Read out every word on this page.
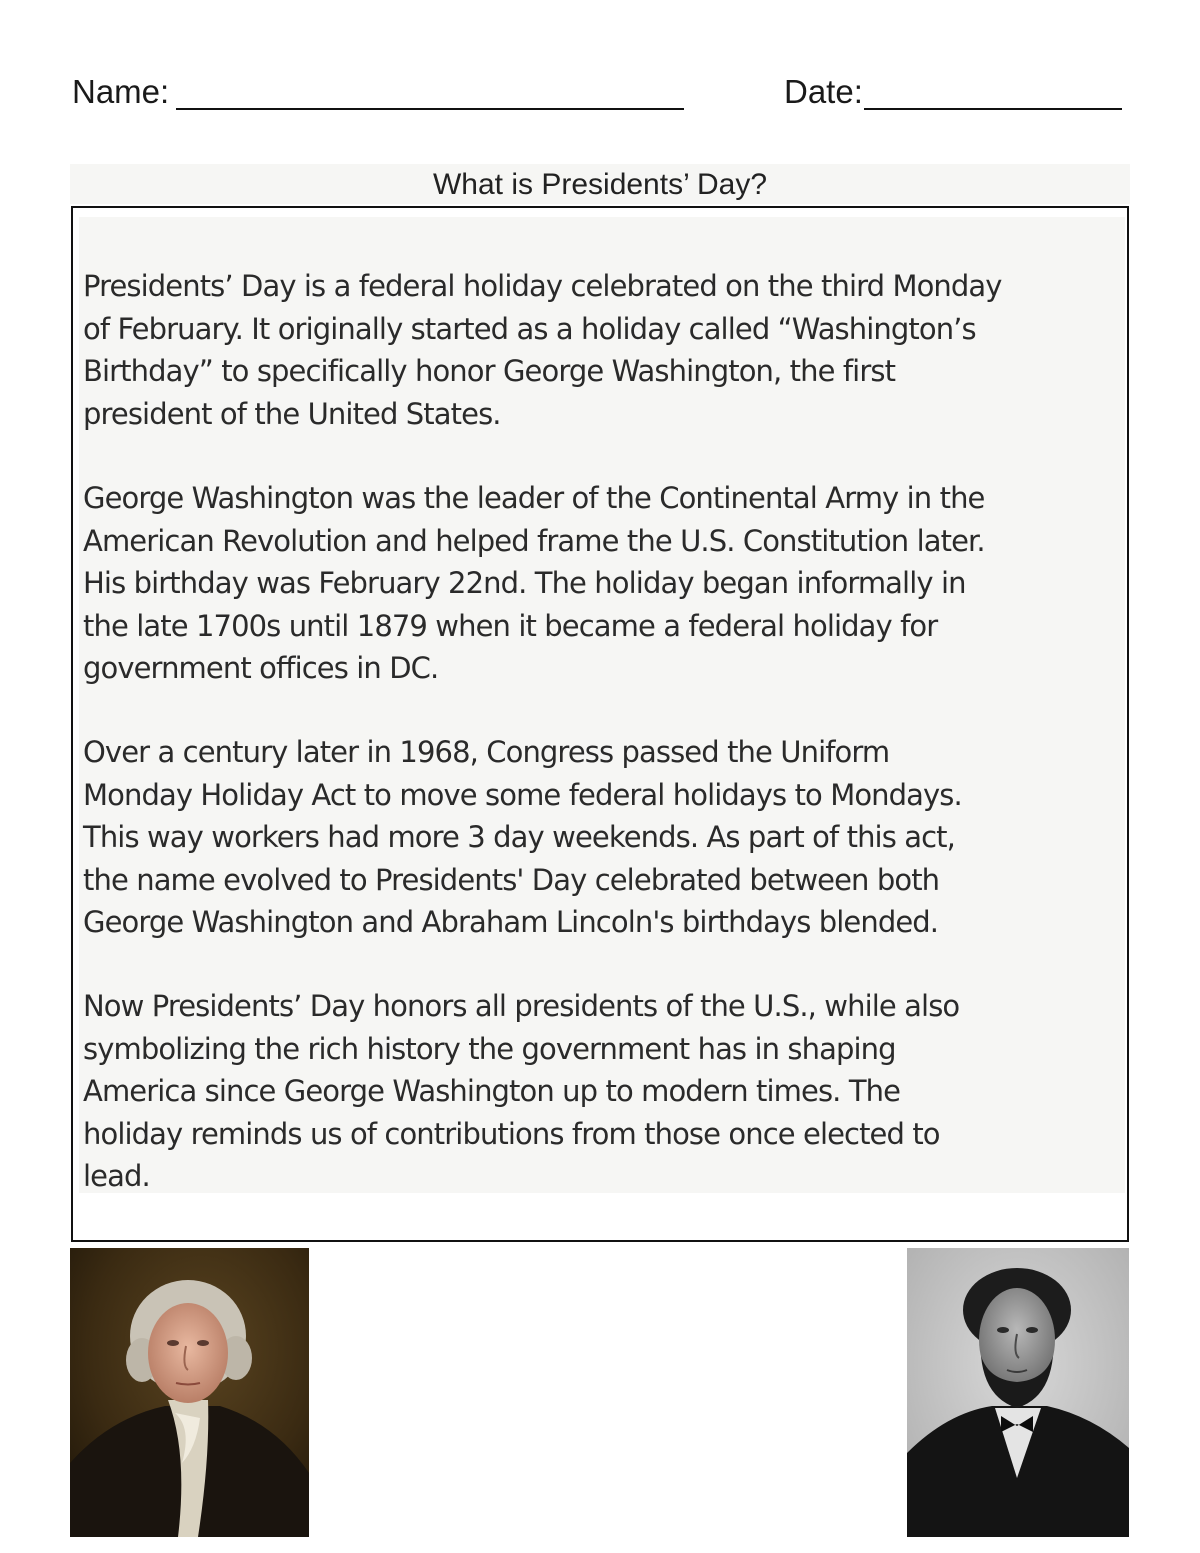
Name:	Date:
What is Presidents’ Day?

Presidents’ Day is a federal holiday celebrated on the third Monday
of February. It originally started as a holiday called “Washington’s
Birthday” to specifically honor George Washington, the first
president of the United States.

George Washington was the leader of the Continental Army in the
American Revolution and helped frame the U.S. Constitution later.
His birthday was February 22nd. The holiday began informally in
the late 1700s until 1879 when it became a federal holiday for
government offices in DC.

Over a century later in 1968, Congress passed the Uniform
Monday Holiday Act to move some federal holidays to Mondays.
This way workers had more 3 day weekends. As part of this act,
the name evolved to Presidents' Day celebrated between both
George Washington and Abraham Lincoln's birthdays blended.

Now Presidents’ Day honors all presidents of the U.S., while also
symbolizing the rich history the government has in shaping
America since George Washington up to modern times. The
holiday reminds us of contributions from those once elected to
lead.
